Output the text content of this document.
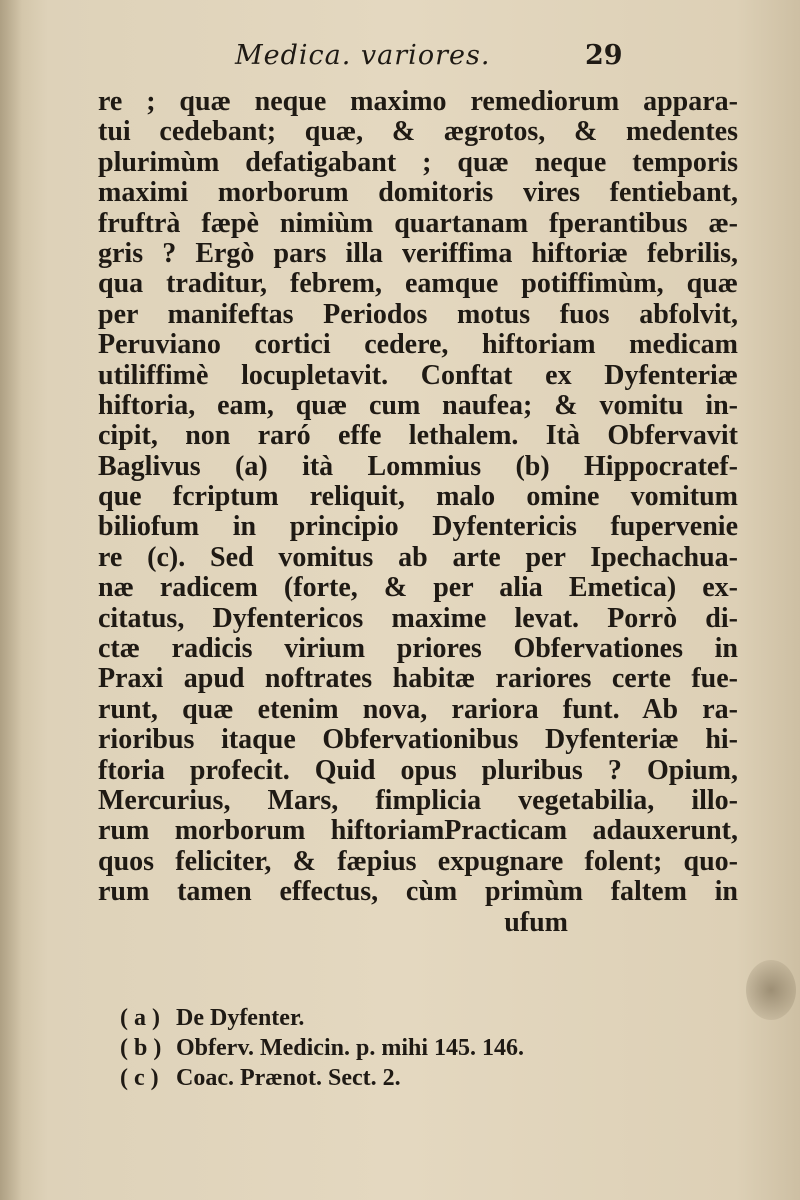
Medica. variores.	29
re ; quæ neque maximo remediorum appara-
tui cedebant; quæ, & ægrotos, & medentes
plurimùm defatigabant ; quæ neque temporis
maximi morborum domitoris vires fentiebant,
fruftrà fæpè nimiùm quartanam fperantibus æ-
gris ? Ergò pars illa veriffima hiftoriæ febrilis,
qua traditur, febrem, eamque potiffimùm, quæ
per manifeftas Periodos motus fuos abfolvit,
Peruviano cortici cedere, hiftoriam medicam
utiliffimè locupletavit. Conftat ex Dyfenteriæ
hiftoria, eam, quæ cum naufea; & vomitu in-
cipit, non raró effe lethalem. Ità Obfervavit
Baglivus (a) ità Lommius (b) Hippocratef-
que fcriptum reliquit, malo omine vomitum
biliofum in principio Dyfentericis fupervenie
re (c). Sed vomitus ab arte per Ipechachua-
næ radicem (forte, & per alia Emetica) ex-
citatus, Dyfentericos maxime levat. Porrò di-
ctæ radicis virium priores Obfervationes in
Praxi apud noftrates habitæ rariores certe fue-
runt, quæ etenim nova, rariora funt. Ab ra-
rioribus itaque Obfervationibus Dyfenteriæ hi-
ftoria profecit. Quid opus pluribus ? Opium,
Mercurius, Mars, fimplicia vegetabilia, illo-
rum morborum hiftoriamPracticam adauxerunt,
quos feliciter, & fæpius expugnare folent; quo-
rum tamen effectus, cùm primùm faltem in
ufum
( a ) De Dyfenter.
( b ) Obferv. Medicin. p. mihi 145. 146.
( c ) Coac. Prænot. Sect. 2.
